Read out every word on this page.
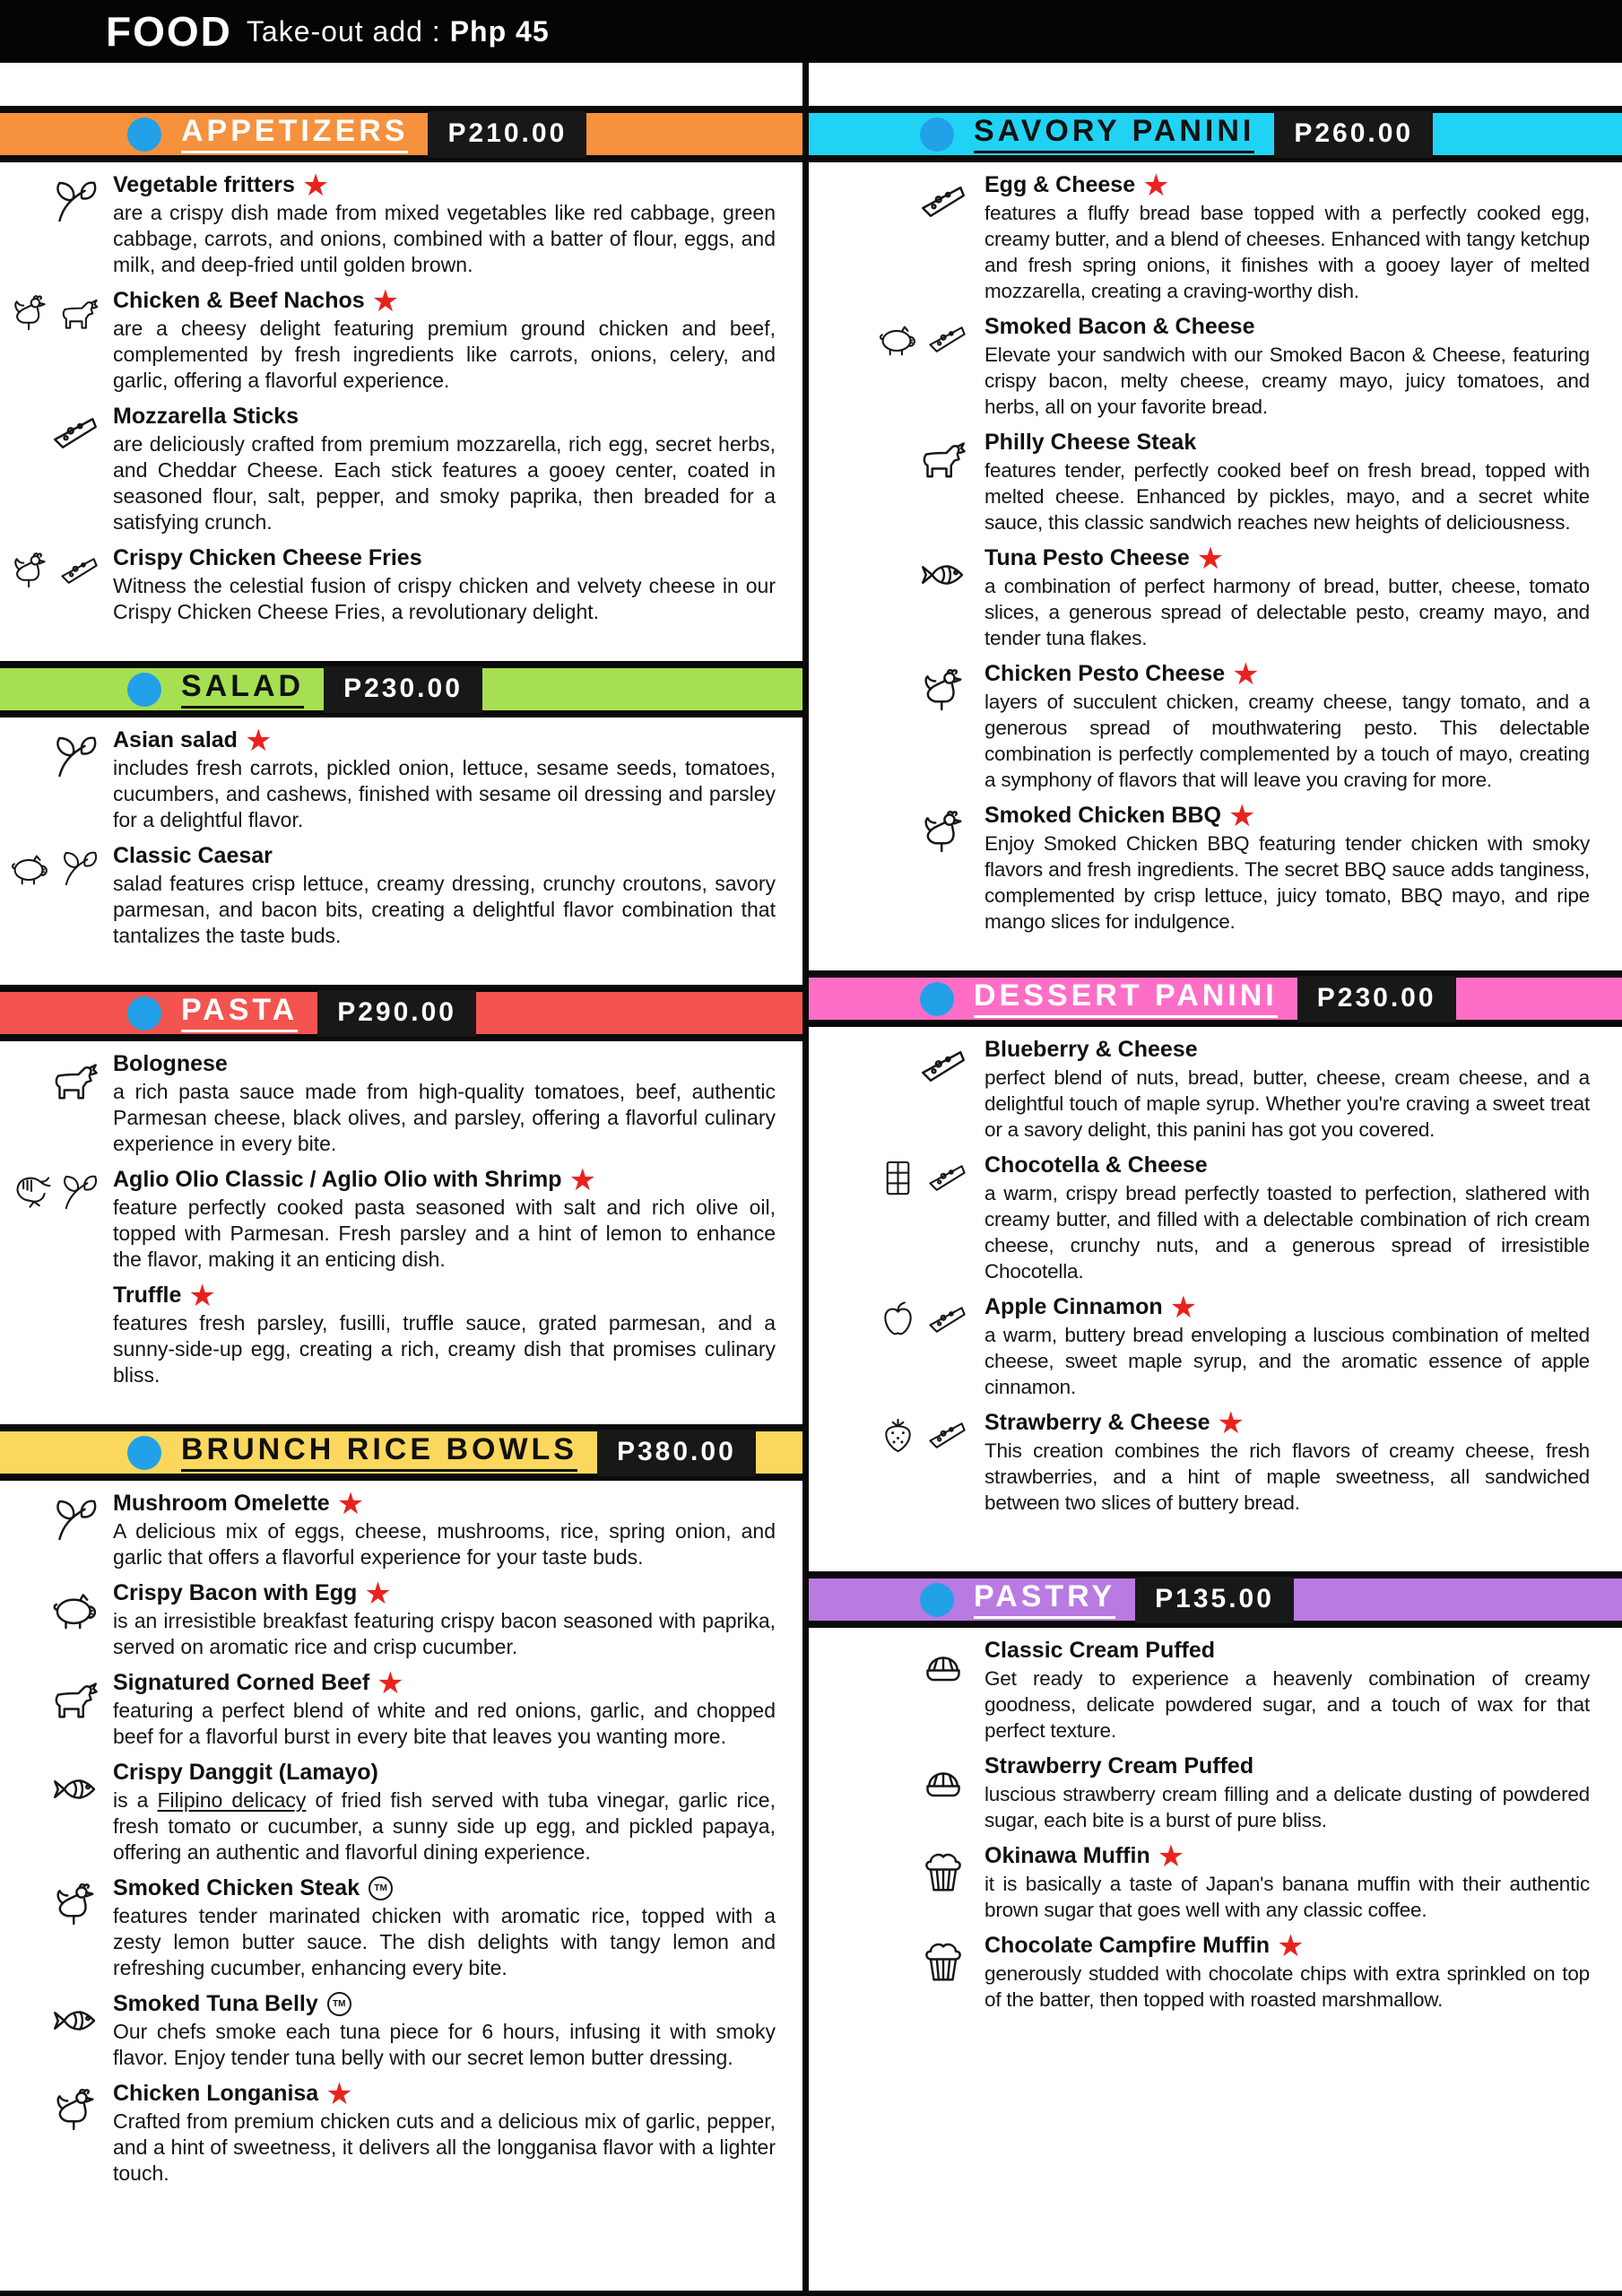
FOOD Take-out add : Php 45
APPETIZERS	P210.00
Vegetable fritters ★
are a crispy dish made from mixed vegetables like red cabbage, green cabbage, carrots, and onions, combined with a batter of flour, eggs, and milk, and deep-fried until golden brown.
Chicken & Beef Nachos ★
are a cheesy delight featuring premium ground chicken and beef, complemented by fresh ingredients like carrots, onions, celery, and garlic, offering a flavorful experience.
Mozzarella Sticks
are deliciously crafted from premium mozzarella, rich egg, secret herbs, and Cheddar Cheese. Each stick features a gooey center, coated in seasoned flour, salt, pepper, and smoky paprika, then breaded for a satisfying crunch.
Crispy Chicken Cheese Fries
Witness the celestial fusion of crispy chicken and velvety cheese in our Crispy Chicken Cheese Fries, a revolutionary delight.
SALAD	P230.00
Asian salad ★
includes fresh carrots, pickled onion, lettuce, sesame seeds, tomatoes, cucumbers, and cashews, finished with sesame oil dressing and parsley for a delightful flavor.
Classic Caesar
salad features crisp lettuce, creamy dressing, crunchy croutons, savory parmesan, and bacon bits, creating a delightful flavor combination that tantalizes the taste buds.
PASTA	P290.00
Bolognese
a rich pasta sauce made from high-quality tomatoes, beef, authentic Parmesan cheese, black olives, and parsley, offering a flavorful culinary experience in every bite.
Aglio Olio Classic / Aglio Olio with Shrimp ★
feature perfectly cooked pasta seasoned with salt and rich olive oil, topped with Parmesan. Fresh parsley and a hint of lemon to enhance the flavor, making it an enticing dish.
Truffle ★
features fresh parsley, fusilli, truffle sauce, grated parmesan, and a sunny-side-up egg, creating a rich, creamy dish that promises culinary bliss.
BRUNCH RICE BOWLS	P380.00
Mushroom Omelette ★
A delicious mix of eggs, cheese, mushrooms, rice, spring onion, and garlic that offers a flavorful experience for your taste buds.
Crispy Bacon with Egg ★
is an irresistible breakfast featuring crispy bacon seasoned with paprika, served on aromatic rice and crisp cucumber.
Signatured Corned Beef ★
featuring a perfect blend of white and red onions, garlic, and chopped beef for a flavorful burst in every bite that leaves you wanting more.
Crispy Danggit (Lamayo)
is a Filipino delicacy of fried fish served with tuba vinegar, garlic rice, fresh tomato or cucumber, a sunny side up egg, and pickled papaya, offering an authentic and flavorful dining experience.
Smoked Chicken Steak	TM
features tender marinated chicken with aromatic rice, topped with a zesty lemon butter sauce. The dish delights with tangy lemon and refreshing cucumber, enhancing every bite.
Smoked Tuna Belly	TM
Our chefs smoke each tuna piece for 6 hours, infusing it with smoky flavor. Enjoy tender tuna belly with our secret lemon butter dressing.
Chicken Longanisa ★
Crafted from premium chicken cuts and a delicious mix of garlic, pepper, and a hint of sweetness, it delivers all the longganisa flavor with a lighter touch.
SAVORY PANINI	P260.00
Egg & Cheese ★
features a fluffy bread base topped with a perfectly cooked egg, creamy butter, and a blend of cheeses. Enhanced with tangy ketchup and fresh spring onions, it finishes with a gooey layer of melted mozzarella, creating a craving-worthy dish.
Smoked Bacon & Cheese
Elevate your sandwich with our Smoked Bacon & Cheese, featuring crispy bacon, melty cheese, creamy mayo, juicy tomatoes, and herbs, all on your favorite bread.
Philly Cheese Steak
features tender, perfectly cooked beef on fresh bread, topped with melted cheese. Enhanced by pickles, mayo, and a secret white sauce, this classic sandwich reaches new heights of deliciousness.
Tuna Pesto Cheese ★
a combination of perfect harmony of bread, butter, cheese, tomato slices, a generous spread of delectable pesto, creamy mayo, and tender tuna flakes.
Chicken Pesto Cheese ★
layers of succulent chicken, creamy cheese, tangy tomato, and a generous spread of mouthwatering pesto. This delectable combination is perfectly complemented by a touch of mayo, creating a symphony of flavors that will leave you craving for more.
Smoked Chicken BBQ ★
Enjoy Smoked Chicken BBQ featuring tender chicken with smoky flavors and fresh ingredients. The secret BBQ sauce adds tanginess, complemented by crisp lettuce, juicy tomato, BBQ mayo, and ripe mango slices for indulgence.
DESSERT PANINI	P230.00
Blueberry & Cheese
perfect blend of nuts, bread, butter, cheese, cream cheese, and a delightful touch of maple syrup. Whether you're craving a sweet treat or a savory delight, this panini has got you covered.
Chocotella & Cheese
a warm, crispy bread perfectly toasted to perfection, slathered with creamy butter, and filled with a delectable combination of rich cream cheese, crunchy nuts, and a generous spread of irresistible Chocotella.
Apple Cinnamon ★
a warm, buttery bread enveloping a luscious combination of melted cheese, sweet maple syrup, and the aromatic essence of apple cinnamon.
Strawberry & Cheese ★
This creation combines the rich flavors of creamy cheese, fresh strawberries, and a hint of maple sweetness, all sandwiched between two slices of buttery bread.
PASTRY	P135.00
Classic Cream Puffed
Get ready to experience a heavenly combination of creamy goodness, delicate powdered sugar, and a touch of wax for that perfect texture.
Strawberry Cream Puffed
luscious strawberry cream filling and a delicate dusting of powdered sugar, each bite is a burst of pure bliss.
Okinawa Muffin ★
it is basically a taste of Japan's banana muffin with their authentic brown sugar that goes well with any classic coffee.
Chocolate Campfire Muffin ★
generously studded with chocolate chips with extra sprinkled on top of the batter, then topped with roasted marshmallow.
